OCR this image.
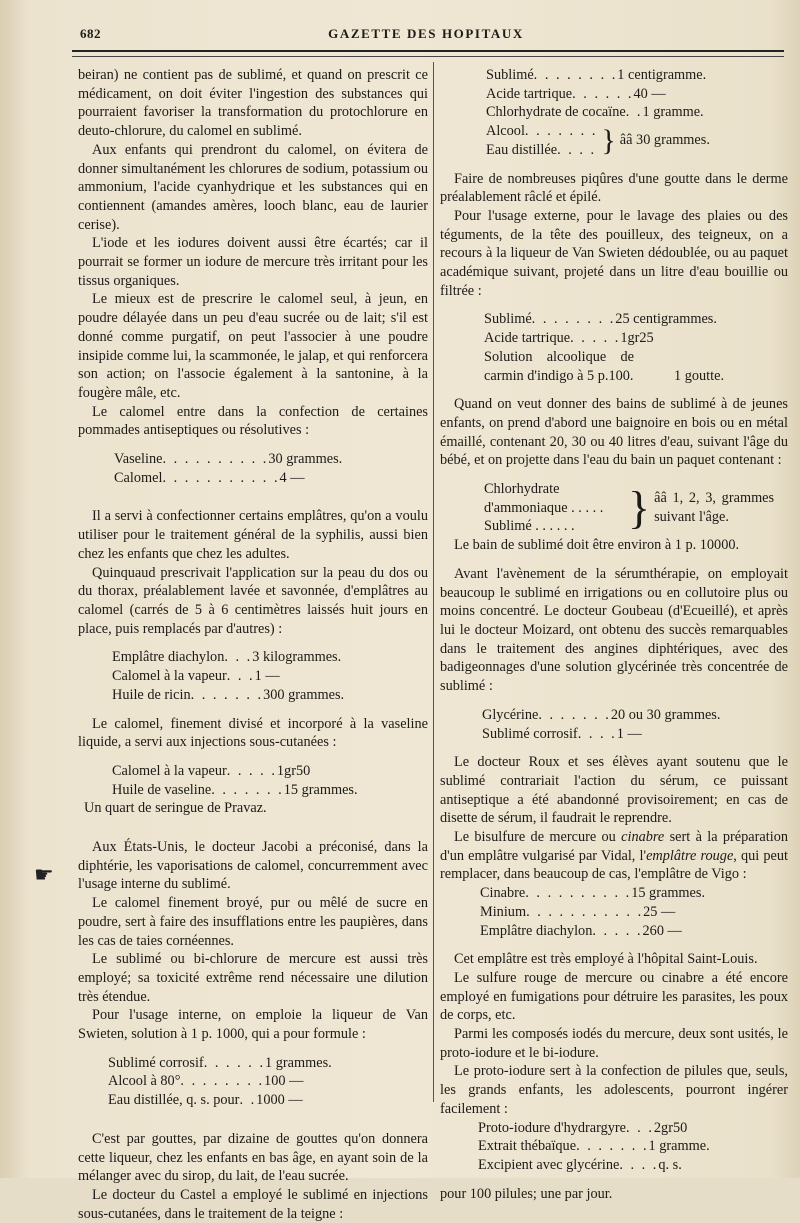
682	GAZETTE DES HOPITAUX
☛

beiran) ne contient pas de sublimé, et quand on prescrit ce médicament, on doit éviter l'ingestion des substances qui pourraient favoriser la transformation du protochlorure en deuto-chlorure, du calomel en sublimé.

Aux enfants qui prendront du calomel, on évitera de donner simultanément les chlorures de sodium, potassium ou ammonium, l'acide cyanhydrique et les substances qui en contiennent (amandes amères, looch blanc, eau de laurier cerise).

L'iode et les iodures doivent aussi être écartés; car il pourrait se former un iodure de mercure très irritant pour les tissus organiques.

Le mieux est de prescrire le calomel seul, à jeun, en poudre délayée dans un peu d'eau sucrée ou de lait; s'il est donné comme purgatif, on peut l'associer à une poudre insipide comme lui, la scammonée, le jalap, et qui renforcera son action; on l'associe également à la santonine, à la fougère mâle, etc.

Le calomel entre dans la confection de certaines pommades antiseptiques ou résolutives :

Vaseline . . . . . . . . . . 30 grammes.
Calomel . . . . . . . . . . . 4 —

Il a servi à confectionner certains emplâtres, qu'on a voulu utiliser pour le traitement général de la syphilis, aussi bien chez les enfants que chez les adultes.

Quinquaud prescrivait l'application sur la peau du dos ou du thorax, préalablement lavée et savonnée, d'emplâtres au calomel (carrés de 5 à 6 centimètres laissés huit jours en place, puis remplacés par d'autres) :

Emplâtre diachylon . . . 3 kilogrammes.
Calomel à la vapeur . . . 1 —
Huile de ricin . . . . . . . 300 grammes.

Le calomel, finement divisé et incorporé à la vaseline liquide, a servi aux injections sous-cutanées :

Calomel à la vapeur . . . . . 1gr50
Huile de vaseline . . . . . . . 15 grammes.

Un quart de seringue de Pravaz.

Aux États-Unis, le docteur Jacobi a préconisé, dans la diphtérie, les vaporisations de calomel, concurremment avec l'usage interne du sublimé.

Le calomel finement broyé, pur ou mêlé de sucre en poudre, sert à faire des insufflations entre les paupières, dans les cas de taies cornéennes.

Le sublimé ou bi-chlorure de mercure est aussi très employé; sa toxicité extrême rend nécessaire une dilution très étendue.

Pour l'usage interne, on emploie la liqueur de Van Swieten, solution à 1 p. 1000, qui a pour formule :

Sublimé corrosif . . . . . . 1 grammes.
Alcool à 80° . . . . . . . . 100 —
Eau distillée, q. s. pour . . 1000 —

C'est par gouttes, par dizaine de gouttes qu'on donnera cette liqueur, chez les enfants en bas âge, en ayant soin de la mélanger avec du sirop, du lait, de l'eau sucrée.

Le docteur du Castel a employé le sublimé en injections sous-cutanées, dans le traitement de la teigne :

Sublimé . . . . . . . . 1 centigramme.
Acide tartrique . . . . . . 40 —
Chlorhydrate de cocaïne . . 1 gramme.
Alcool . . . . . . .
Eau distillée . . . . } ââ 30 grammes.

Faire de nombreuses piqûres d'une goutte dans le derme préalablement râclé et épilé.

Pour l'usage externe, pour le lavage des plaies ou des téguments, de la tête des pouilleux, des teigneux, on a recours à la liqueur de Van Swieten dédoublée, ou au paquet académique suivant, projeté dans un litre d'eau bouillie ou filtrée :

Sublimé . . . . . . . . 25 centigrammes.
Acide tartrique . . . . . 1gr25
Solution alcoolique de carmin d'indigo à 5 p.100.	1 goutte.

Quand on veut donner des bains de sublimé à de jeunes enfants, on prend d'abord une baignoire en bois ou en métal émaillé, contenant 20, 30 ou 40 litres d'eau, suivant l'âge du bébé, et on projette dans l'eau du bain un paquet contenant :

Chlorhydrate d'ammoniaque . . . . .
Sublimé . . . . . .	} ââ 1, 2, 3, grammes suivant l'âge.

Le bain de sublimé doit être environ à 1 p. 10000.

Avant l'avènement de la sérumthérapie, on employait beaucoup le sublimé en irrigations ou en collutoire plus ou moins concentré. Le docteur Goubeau (d'Ecueillé), et après lui le docteur Moizard, ont obtenu des succès remarquables dans le traitement des angines diphtériques, avec des badigeonnages d'une solution glycérinée très concentrée de sublimé :

Glycérine . . . . . . . 20 ou 30 grammes.
Sublimé corrosif . . . . 1 —

Le docteur Roux et ses élèves ayant soutenu que le sublimé contrariait l'action du sérum, ce puissant antiseptique a été abandonné provisoirement; en cas de disette de sérum, il faudrait le reprendre.

Le bisulfure de mercure ou cinabre sert à la préparation d'un emplâtre vulgarisé par Vidal, l'emplâtre rouge, qui peut remplacer, dans beaucoup de cas, l'emplâtre de Vigo :

Cinabre . . . . . . . . . . 15 grammes.
Minium . . . . . . . . . . . 25 —
Emplâtre diachylon . . . . . 260 —

Cet emplâtre est très employé à l'hôpital Saint-Louis.

Le sulfure rouge de mercure ou cinabre a été encore employé en fumigations pour détruire les parasites, les poux de corps, etc.

Parmi les composés iodés du mercure, deux sont usités, le proto-iodure et le bi-iodure.

Le proto-iodure sert à la confection de pilules que, seuls, les grands enfants, les adolescents, pourront ingérer facilement :

Proto-iodure d'hydrargyre . . . 2gr50
Extrait thébaïque . . . . . . . 1 gramme.
Excipient avec glycérine . . . . q. s.

pour 100 pilules; une par jour.
